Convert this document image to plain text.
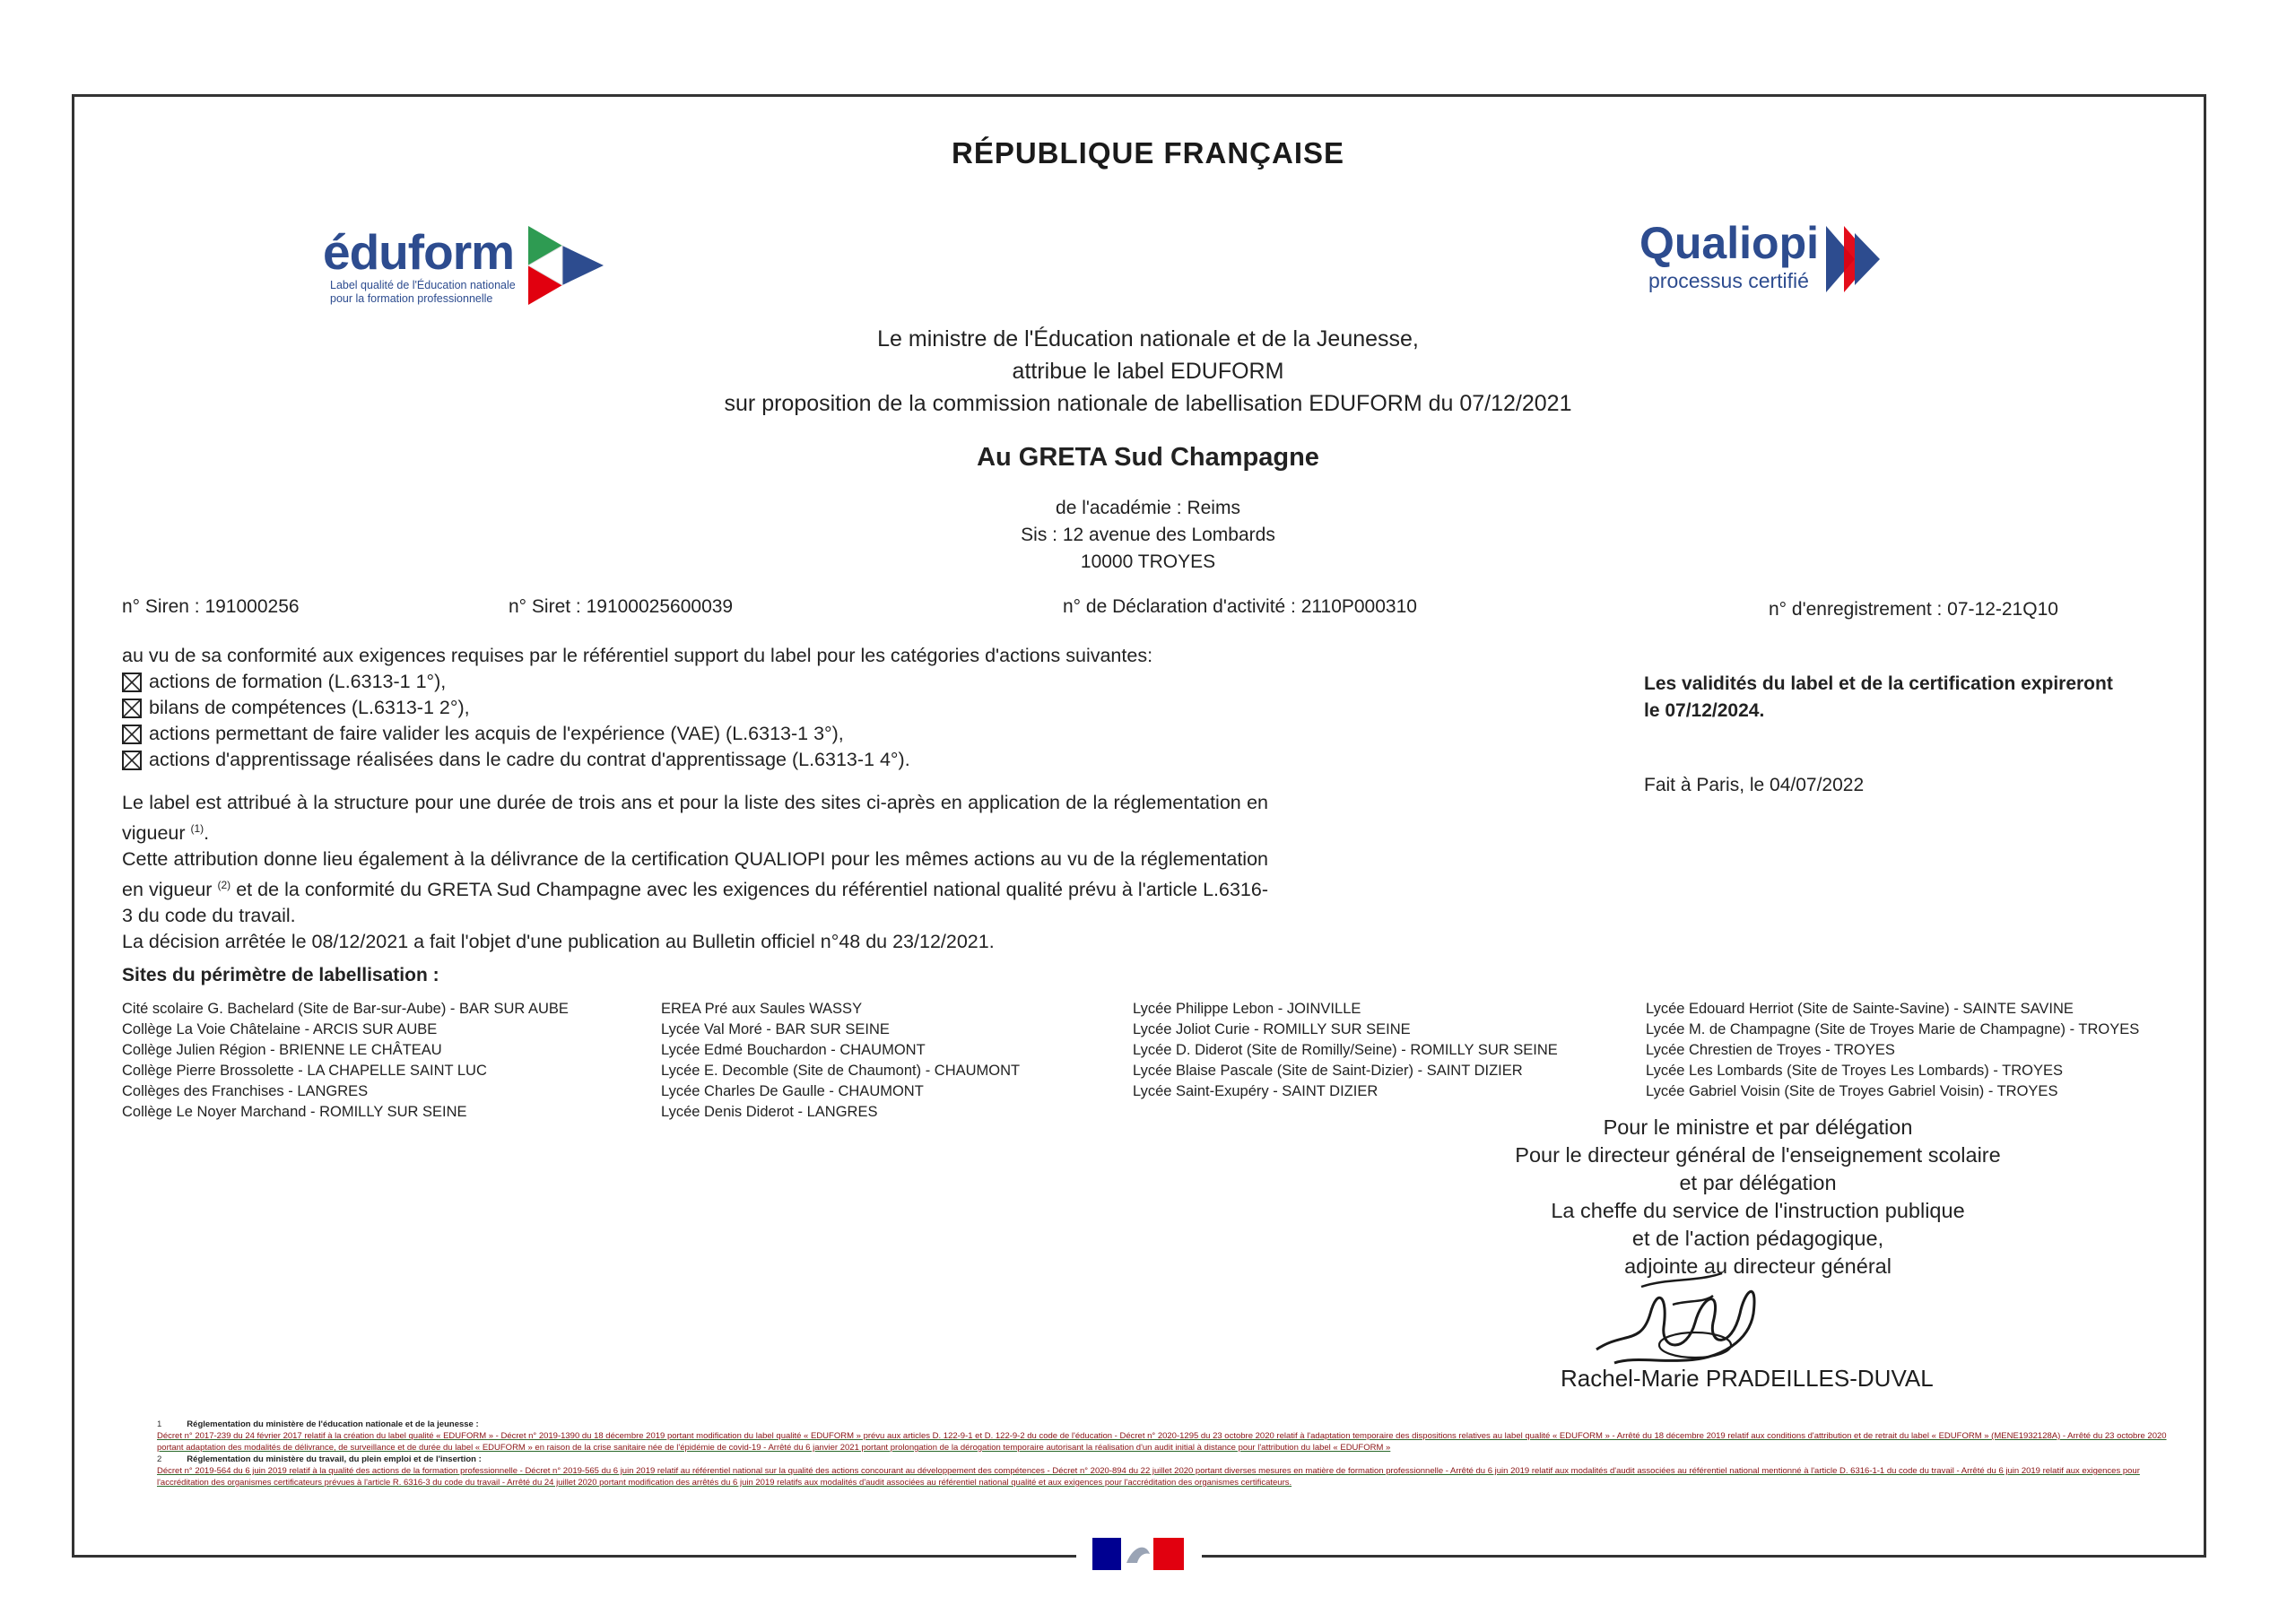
RÉPUBLIQUE FRANÇAISE
éduform
Label qualité de l'Éducation nationale
pour la formation professionnelle
Qualiopi
processus certifié
Le ministre de l'Éducation nationale et de la Jeunesse,
attribue le label EDUFORM
sur proposition de la commission nationale de labellisation EDUFORM du 07/12/2021
Au GRETA Sud Champagne
de l'académie : Reims
Sis : 12 avenue des Lombards
10000 TROYES
n° Siren : 191000256	n° Siret : 19100025600039	n° de Déclaration d'activité : 2110P000310	n° d'enregistrement : 07-12-21Q10
au vu de sa conformité aux exigences requises par le référentiel support du label pour les catégories d'actions suivantes:
actions de formation (L.6313-1 1°),
bilans de compétences (L.6313-1 2°),
actions permettant de faire valider les acquis de l'expérience (VAE) (L.6313-1 3°),
actions d'apprentissage réalisées dans le cadre du contrat d'apprentissage (L.6313-1 4°).

Le label est attribué à la structure pour une durée de trois ans et pour la liste des sites ci-après en application de la réglementation en vigueur $^{(1)}$.

Cette attribution donne lieu également à la délivrance de la certification QUALIOPI pour les mêmes actions au vu de la réglementation en vigueur $^{(2)}$ et de la conformité du GRETA Sud Champagne avec les exigences du référentiel national qualité prévu à l'article L.6316-3 du code du travail.

La décision arrêtée le 08/12/2021 a fait l'objet d'une publication au Bulletin officiel n°48 du 23/12/2021.

Les validités du label et de la certification expireront
le 07/12/2024.
Fait à Paris, le 04/07/2022
Sites du périmètre de labellisation :
Cité scolaire G. Bachelard (Site de Bar-sur-Aube) - BAR SUR AUBE
Collège La Voie Châtelaine - ARCIS SUR AUBE
Collège Julien Région - BRIENNE LE CHÂTEAU
Collège Pierre Brossolette - LA CHAPELLE SAINT LUC
Collèges des Franchises - LANGRES
Collège Le Noyer Marchand - ROMILLY SUR SEINE
EREA Pré aux Saules WASSY
Lycée Val Moré - BAR SUR SEINE
Lycée Edmé Bouchardon - CHAUMONT
Lycée E. Decomble (Site de Chaumont) - CHAUMONT
Lycée Charles De Gaulle - CHAUMONT
Lycée Denis Diderot - LANGRES
Lycée Philippe Lebon - JOINVILLE
Lycée Joliot Curie - ROMILLY SUR SEINE
Lycée D. Diderot (Site de Romilly/Seine) - ROMILLY SUR SEINE
Lycée Blaise Pascale (Site de Saint-Dizier) - SAINT DIZIER
Lycée Saint-Exupéry - SAINT DIZIER
Lycée Edouard Herriot (Site de Sainte-Savine) - SAINTE SAVINE
Lycée M. de Champagne (Site de Troyes Marie de Champagne) - TROYES
Lycée Chrestien de Troyes - TROYES
Lycée Les Lombards (Site de Troyes Les Lombards) - TROYES
Lycée Gabriel Voisin (Site de Troyes Gabriel Voisin) - TROYES
Pour le ministre et par délégation
Pour le directeur général de l'enseignement scolaire
et par délégation
La cheffe du service de l'instruction publique
et de l'action pédagogique,
adjointe au directeur général
Rachel-Marie PRADEILLES-DUVAL
1	Réglementation du ministère de l'éducation nationale et de la jeunesse :
Décret n° 2017-239 du 24 février 2017 relatif à la création du label qualité « EDUFORM » - Décret n° 2019-1390 du 18 décembre 2019 portant modification du label qualité « EDUFORM » prévu aux articles D. 122-9-1 et D. 122-9-2 du code de l'éducation - Décret n° 2020-1295 du 23 octobre 2020 relatif à l'adaptation temporaire des dispositions relatives au label qualité « EDUFORM » - Arrêté du 18 décembre 2019 relatif aux conditions d'attribution et de retrait du label « EDUFORM » (MENE1932128A) - Arrêté du 23 octobre 2020 portant adaptation des modalités de délivrance, de surveillance et de durée du label « EDUFORM » en raison de la crise sanitaire née de l'épidémie de covid-19 - Arrêté du 6 janvier 2021 portant prolongation de la dérogation temporaire autorisant la réalisation d'un audit initial à distance pour l'attribution du label « EDUFORM »
2	Réglementation du ministère du travail, du plein emploi et de l'insertion :
Décret n° 2019-564 du 6 juin 2019 relatif à la qualité des actions de la formation professionnelle - Décret n° 2019-565 du 6 juin 2019 relatif au référentiel national sur la qualité des actions concourant au développement des compétences - Décret n° 2020-894 du 22 juillet 2020 portant diverses mesures en matière de formation professionnelle - Arrêté du 6 juin 2019 relatif aux modalités d'audit associées au référentiel national mentionné à l'article D. 6316-1-1 du code du travail - Arrêté du 6 juin 2019 relatif aux exigences pour l'accréditation des organismes certificateurs prévues à l'article R. 6316-3 du code du travail - Arrêté du 24 juillet 2020 portant modification des arrêtés du 6 juin 2019 relatifs aux modalités d'audit associées au référentiel national qualité et aux exigences pour l'accréditation des organismes certificateurs.
